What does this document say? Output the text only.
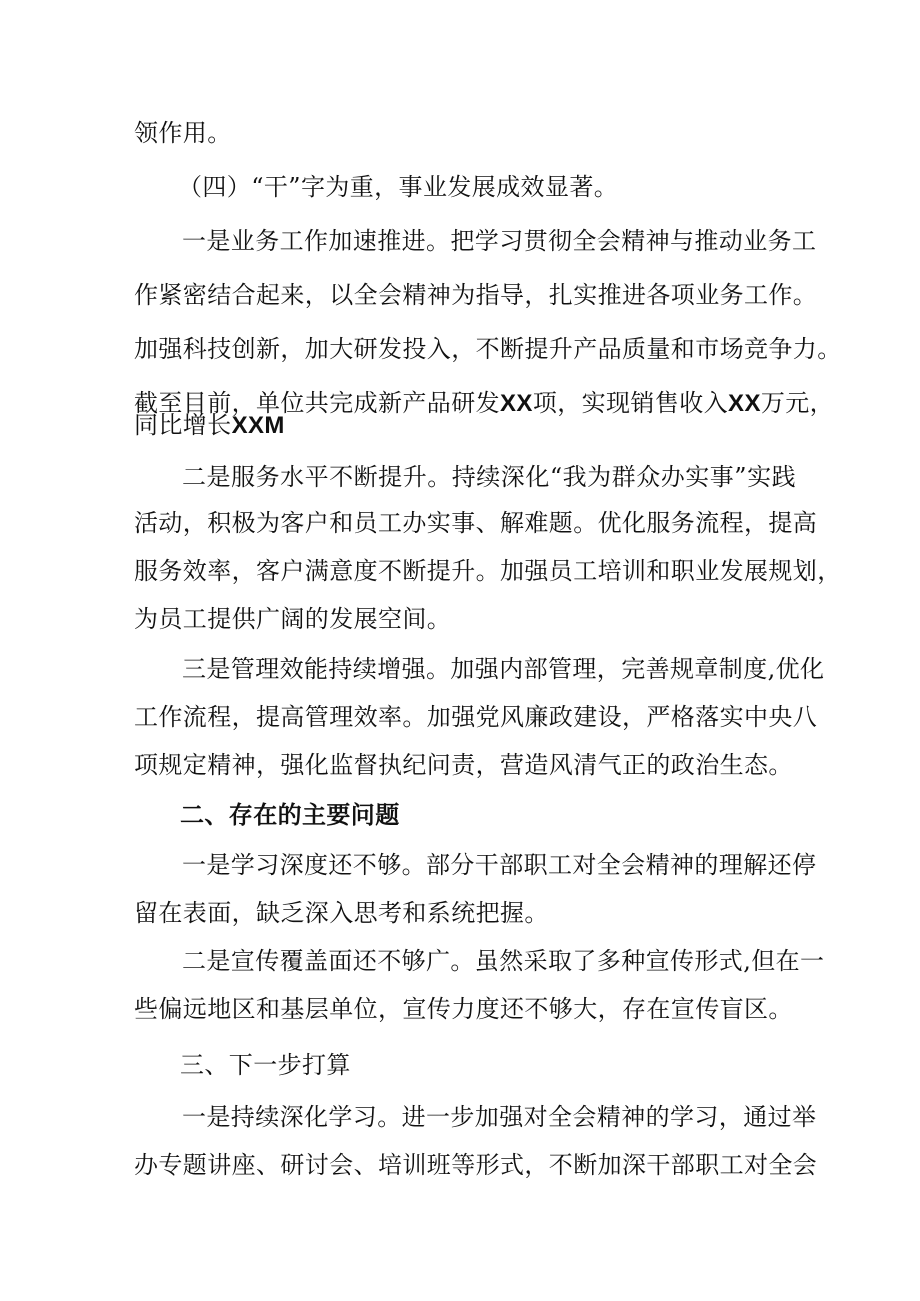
领作用。
（四）“干”字为重，事业发展成效显著。
一是业务工作加速推进。把学习贯彻全会精神与推动业务工
作紧密结合起来，以全会精神为指导，扎实推进各项业务工作。
加强科技创新，加大研发投入，不断提升产品质量和市场竞争力。
截至目前，单位共完成新产品研发XX项，实现销售收入XX万元，
同比增长XXM
二是服务水平不断提升。持续深化“我为群众办实事”实践
活动，积极为客户和员工办实事、解难题。优化服务流程，提高
服务效率，客户满意度不断提升。加强员工培训和职业发展规划，
为员工提供广阔的发展空间。
三是管理效能持续增强。加强内部管理，完善规章制度,优化
工作流程，提高管理效率。加强党风廉政建设，严格落实中央八
项规定精神，强化监督执纪问责，营造风清气正的政治生态。
二、存在的主要问题
一是学习深度还不够。部分干部职工对全会精神的理解还停
留在表面，缺乏深入思考和系统把握。
二是宣传覆盖面还不够广。虽然采取了多种宣传形式,但在一
些偏远地区和基层单位，宣传力度还不够大，存在宣传盲区。
三、下一步打算
一是持续深化学习。进一步加强对全会精神的学习，通过举
办专题讲座、研讨会、培训班等形式，不断加深干部职工对全会
